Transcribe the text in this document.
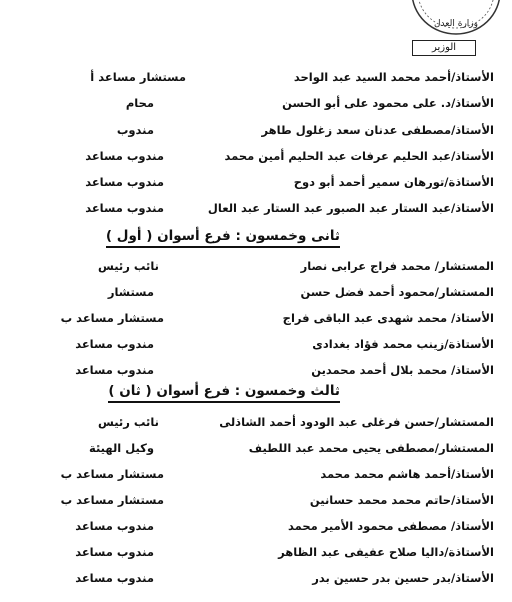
وزارة العدل
الوزير
الأستاذ/أحمد محمد السيد عبد الواحد
مستشار مساعد أ
الأستاذ/د. على محمود على أبو الحسن
محام
الأستاذ/مصطفى عدنان سعد زغلول طاهر
مندوب
الأستاذ/عبد الحليم عرفات عبد الحليم أمين محمد
مندوب مساعد
الأستاذة/تورهان سمير أحمد أبو دوح
مندوب مساعد
الأستاذ/عبد الستار عبد الصبور عبد الستار عبد العال
مندوب مساعد
ثانى وخمسون : فرع أسوان ( أول )
المستشار/ محمد فراج عرابى نصار
نائب رئيس
المستشار/محمود أحمد فضل حسن
مستشار
الأستاذ/ محمد شهدى عبد الباقى فراج
مستشار مساعد ب
الأستاذة/زينب محمد فؤاد بغدادى
مندوب مساعد
الأستاذ/ محمد بلال أحمد محمدين
مندوب مساعد
ثالث وخمسون : فرع أسوان ( ثان )
المستشار/حسن فرغلى عبد الودود أحمد الشاذلى
نائب رئيس
المستشار/مصطفى يحيى محمد عبد اللطيف
وكيل الهيئة
الأستاذ/أحمد هاشم محمد محمد
مستشار مساعد ب
الأستاذ/حاتم محمد محمد حسانين
مستشار مساعد ب
الأستاذ/ مصطفى محمود الأمير محمد
مندوب مساعد
الأستاذة/داليا صلاح عفيفى عبد الظاهر
مندوب مساعد
الأستاذ/بدر حسين بدر حسين بدر
مندوب مساعد
